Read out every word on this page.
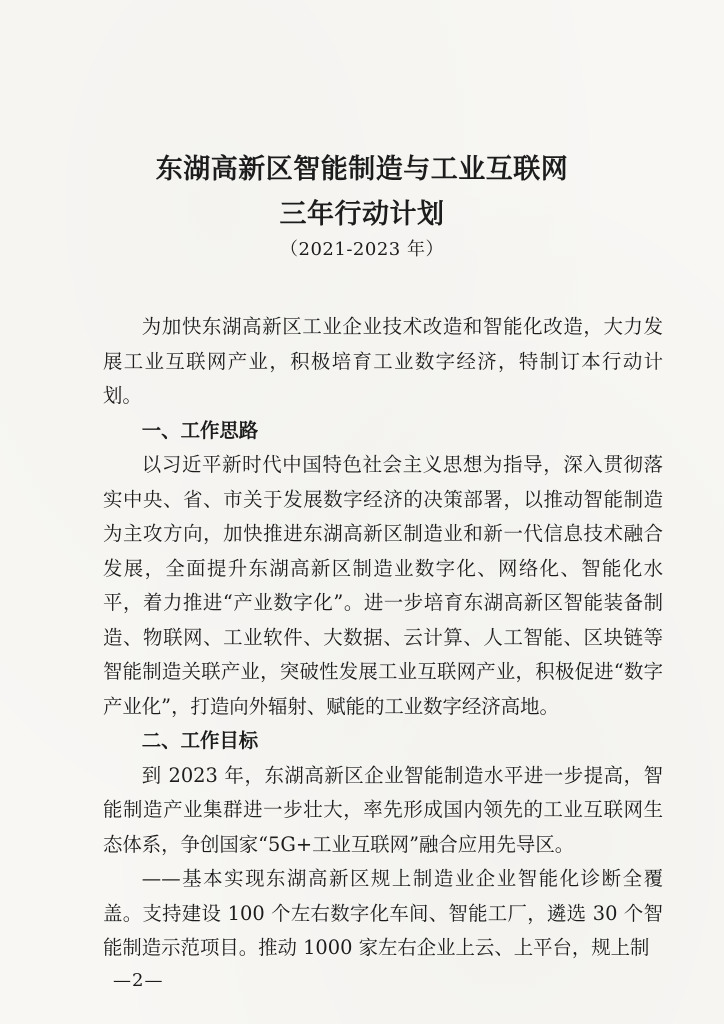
东湖高新区智能制造与工业互联网
三年行动计划
（2021-2023 年）

为加快东湖高新区工业企业技术改造和智能化改造，大力发展工业互联网产业，积极培育工业数字经济，特制订本行动计划。

一、工作思路

以习近平新时代中国特色社会主义思想为指导，深入贯彻落实中央、省、市关于发展数字经济的决策部署，以推动智能制造为主攻方向，加快推进东湖高新区制造业和新一代信息技术融合发展，全面提升东湖高新区制造业数字化、网络化、智能化水平，着力推进“产业数字化”。进一步培育东湖高新区智能装备制造、物联网、工业软件、大数据、云计算、人工智能、区块链等智能制造关联产业，突破性发展工业互联网产业，积极促进“数字产业化”，打造向外辐射、赋能的工业数字经济高地。

二、工作目标

到 2023 年，东湖高新区企业智能制造水平进一步提高，智能制造产业集群进一步壮大，率先形成国内领先的工业互联网生态体系，争创国家“5G+工业互联网”融合应用先导区。

——基本实现东湖高新区规上制造业企业智能化诊断全覆盖。支持建设 100 个左右数字化车间、智能工厂，遴选 30 个智能制造示范项目。推动 1000 家左右企业上云、上平台，规上制

—2—
